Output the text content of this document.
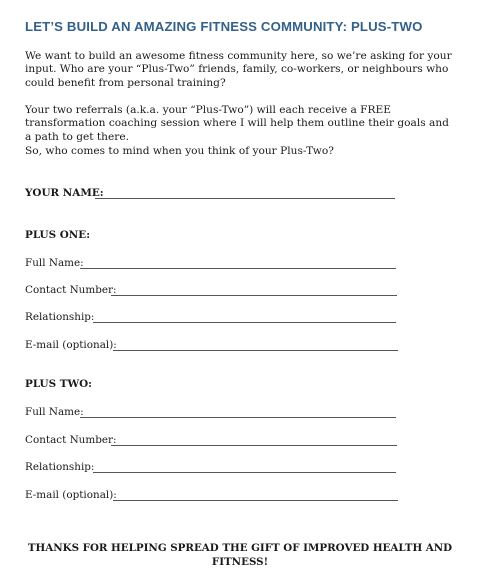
LET’S BUILD AN AMAZING FITNESS COMMUNITY: PLUS-TWO

We want to build an awesome fitness community here, so we’re asking for your input. Who are your “Plus-Two” friends, family, co-workers, or neighbours who could benefit from personal training?

Your two referrals (a.k.a. your “Plus-Two”) will each receive a FREE transformation coaching session where I will help them outline their goals and a path to get there.

So, who comes to mind when you think of your Plus-Two?

YOUR NAME:
PLUS ONE:
Full Name:
Contact Number:
Relationship:
E-mail (optional):
PLUS TWO:
Full Name:
Contact Number:
Relationship:
E-mail (optional):

THANKS FOR HELPING SPREAD THE GIFT OF IMPROVED HEALTH AND FITNESS!
